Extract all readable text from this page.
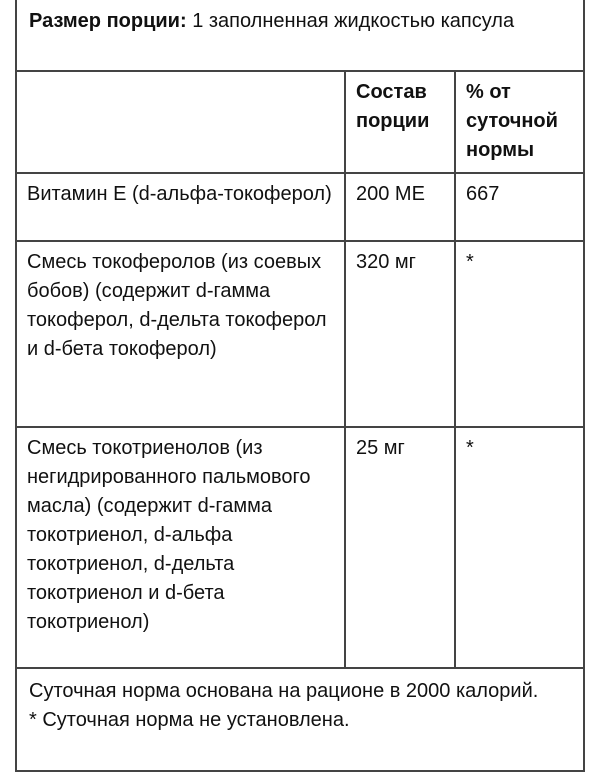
Размер порции: 1 заполненная жидкостью капсула
	Состав порции	% от суточной нормы
Витамин E (d-альфа-токоферол)	200 МЕ	667
Смесь токоферолов (из соевых бобов) (содержит d-гамма токоферол, d-дельта токоферол и d-бета токоферол)	320 мг	*
Смесь токотриенолов (из негидрированного пальмового масла) (содержит d-гамма токотриенол, d-альфа токотриенол, d-дельта токотриенол и d-бета токотриенол)	25 мг	*
Суточная норма основана на рационе в 2000 калорий.
* Суточная норма не установлена.
